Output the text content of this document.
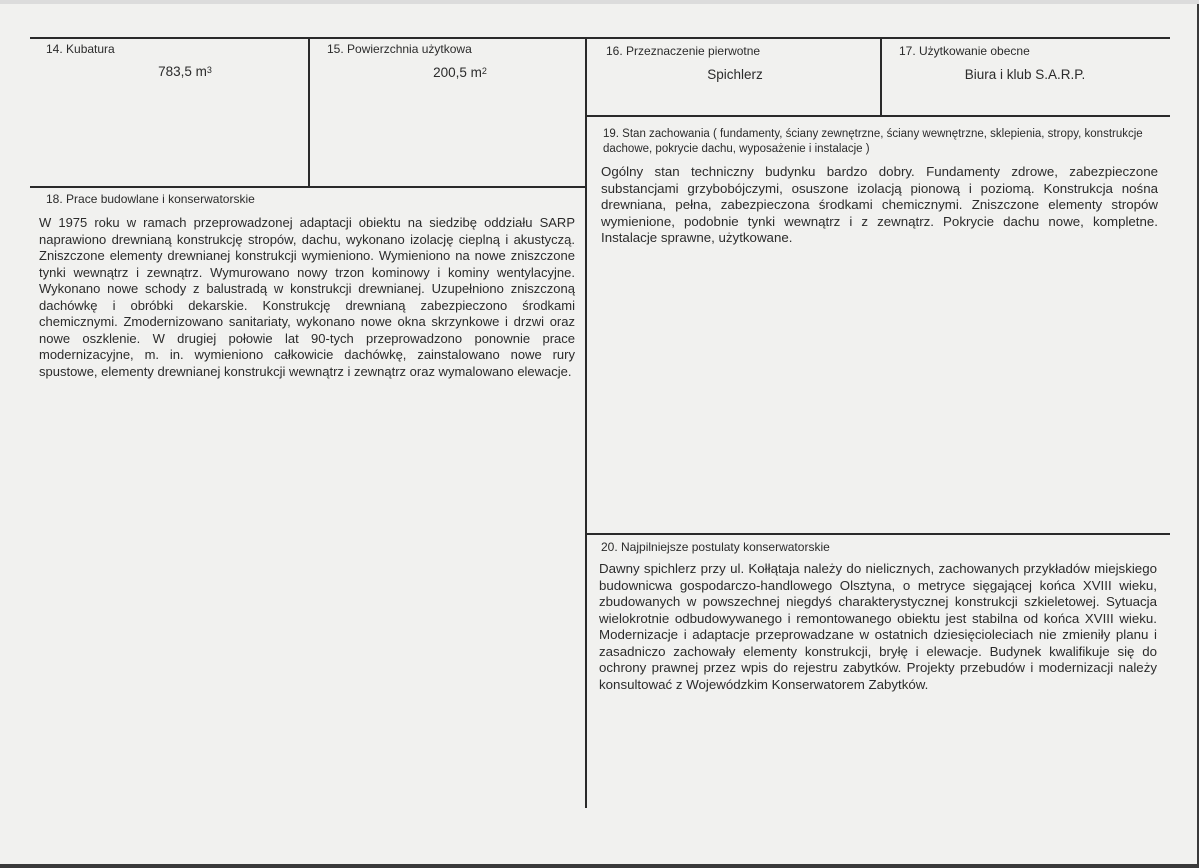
14. Kubatura
783,5 $m^3$
15. Powierzchnia użytkowa
200,5 $m^2$
16. Przeznaczenie pierwotne
Spichlerz
17. Użytkowanie obecne
Biura i klub S.A.R.P.
19. Stan zachowania ( fundamenty, ściany zewnętrzne, ściany wewnętrzne, sklepienia, stropy, konstrukcje dachowe, pokrycie dachu, wyposażenie i instalacje )

Ogólny stan techniczny budynku bardzo dobry. Fundamenty zdrowe, zabezpieczone substancjami grzybobójczymi, osuszone izolacją pionową i poziomą. Konstrukcja nośna drewniana, pełna, zabezpieczona środkami chemicznymi. Zniszczone elementy stropów wymienione, podobnie tynki wewnątrz i z zewnątrz. Pokrycie dachu nowe, kompletne. Instalacje sprawne, użytkowane.

18. Prace budowlane i konserwatorskie

W 1975 roku w ramach przeprowadzonej adaptacji obiektu na siedzibę oddziału SARP naprawiono drewnianą konstrukcję stropów, dachu, wykonano izolację cieplną i akustyczą. Zniszczone elementy drewnianej konstrukcji wymieniono. Wymieniono na nowe zniszczone tynki wewnątrz i zewnątrz. Wymurowano nowy trzon kominowy i kominy wentylacyjne. Wykonano nowe schody z balustradą w konstrukcji drewnianej. Uzupełniono zniszczoną dachówkę i obróbki dekarskie. Konstrukcję drewnianą zabezpieczono środkami chemicznymi. Zmodernizowano sanitariaty, wykonano nowe okna skrzynkowe i drzwi oraz nowe oszklenie. W drugiej połowie lat 90-tych przeprowadzono ponownie prace modernizacyjne, m. in. wymieniono całkowicie dachówkę, zainstalowano nowe rury spustowe, elementy drewnianej konstrukcji wewnątrz i zewnątrz oraz wymalowano elewacje.

20. Najpilniejsze postulaty konserwatorskie

Dawny spichlerz przy ul. Kołłątaja należy do nielicznych, zachowanych przykładów miejskiego budownicwa gospodarczo-handlowego Olsztyna, o metryce sięgającej końca XVIII wieku, zbudowanych w powszechnej niegdyś charakterystycznej konstrukcji szkieletowej. Sytuacja wielokrotnie odbudowywanego i remontowanego obiektu jest stabilna od końca XVIII wieku. Modernizacje i adaptacje przeprowadzane w ostatnich dziesięcioleciach nie zmieniły planu i zasadniczo zachowały elementy konstrukcji, bryłę i elewacje. Budynek kwalifikuje się do ochrony prawnej przez wpis do rejestru zabytków. Projekty przebudów i modernizacji należy konsultować z Wojewódzkim Konserwatorem Zabytków.
